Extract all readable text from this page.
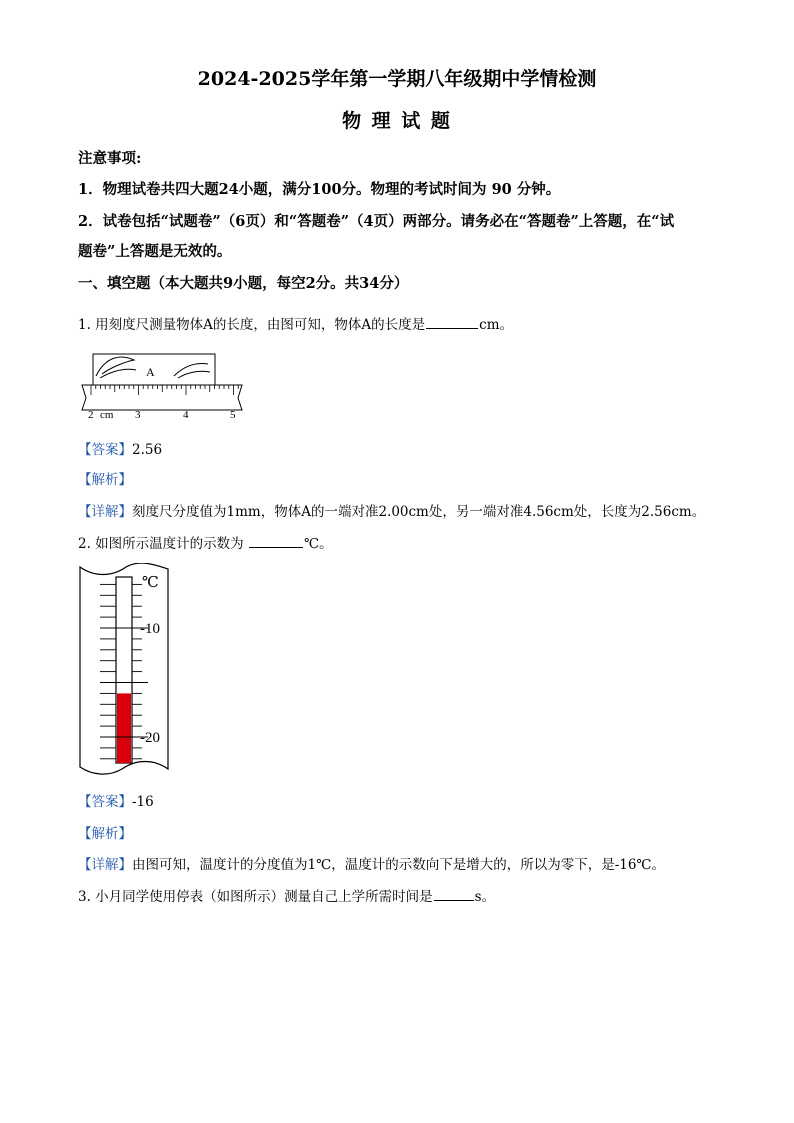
2024-2025学年第一学期八年级期中学情检测
物 理 试 题
注意事项:
1．物理试卷共四大题24小题，满分100分。物理的考试时间为 90 分钟。
2．试卷包括“试题卷”（6页）和“答题卷”（4页）两部分。请务必在“答题卷”上答题，在“试
题卷”上答题是无效的。
一、填空题（本大题共9小题，每空2分。共34分）
1. 用刻度尺测量物体A的长度，由图可知，物体A的长度是	cm。
A
2 cm 3	4	5
【答案】2.56
【解析】
【详解】刻度尺分度值为1mm，物体A的一端对准2.00cm处，另一端对准4.56cm处，长度为2.56cm。
2. 如图所示温度计的示数为	℃。
℃
-10
-20
【答案】-16
【解析】
【详解】由图可知，温度计的分度值为1℃，温度计的示数向下是增大的，所以为零下，是-16℃。
3. 小月同学使用停表（如图所示）测量自己上学所需时间是	s。
